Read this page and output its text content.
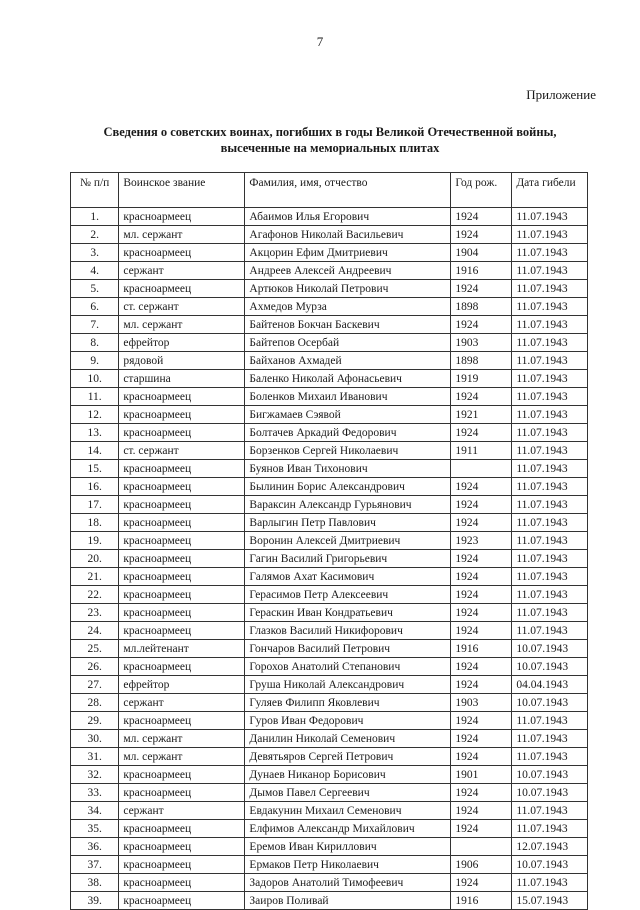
7
Приложение
Сведения о советских воинах, погибших в годы Великой Отечественной войны,
высеченные на мемориальных плитах
№ п/п	Воинское звание	Фамилия, имя, отчество	Год рож.	Дата гибели
1.	красноармеец	Абаимов Илья Егорович	1924	11.07.1943
2.	мл. сержант	Агафонов Николай Васильевич	1924	11.07.1943
3.	красноармеец	Акцорин Ефим Дмитриевич	1904	11.07.1943
4.	сержант	Андреев Алексей Андреевич	1916	11.07.1943
5.	красноармеец	Артюков Николай Петрович	1924	11.07.1943
6.	ст. сержант	Ахмедов Мурза	1898	11.07.1943
7.	мл. сержант	Байтенов Бокчан Баскевич	1924	11.07.1943
8.	ефрейтор	Байтепов Осербай	1903	11.07.1943
9.	рядовой	Байханов Ахмадей	1898	11.07.1943
10.	старшина	Баленко Николай Афонасьевич	1919	11.07.1943
11.	красноармеец	Боленков Михаил Иванович	1924	11.07.1943
12.	красноармеец	Бигжамаев Сэявой	1921	11.07.1943
13.	красноармеец	Болтачев Аркадий Федорович	1924	11.07.1943
14.	ст. сержант	Борзенков Сергей Николаевич	1911	11.07.1943
15.	красноармеец	Буянов Иван Тихонович		11.07.1943
16.	красноармеец	Былинин Борис Александрович	1924	11.07.1943
17.	красноармеец	Вараксин Александр Гурьянович	1924	11.07.1943
18.	красноармеец	Варлыгин Петр Павлович	1924	11.07.1943
19.	красноармеец	Воронин Алексей Дмитриевич	1923	11.07.1943
20.	красноармеец	Гагин Василий Григорьевич	1924	11.07.1943
21.	красноармеец	Галямов Ахат Касимович	1924	11.07.1943
22.	красноармеец	Герасимов Петр Алексеевич	1924	11.07.1943
23.	красноармеец	Гераскин Иван Кондратьевич	1924	11.07.1943
24.	красноармеец	Глазков Василий Никифорович	1924	11.07.1943
25.	мл.лейтенант	Гончаров Василий Петрович	1916	10.07.1943
26.	красноармеец	Горохов Анатолий Степанович	1924	10.07.1943
27.	ефрейтор	Груша Николай Александрович	1924	04.04.1943
28.	сержант	Гуляев Филипп Яковлевич	1903	10.07.1943
29.	красноармеец	Гуров Иван Федорович	1924	11.07.1943
30.	мл. сержант	Данилин Николай Семенович	1924	11.07.1943
31.	мл. сержант	Девятьяров Сергей Петрович	1924	11.07.1943
32.	красноармеец	Дунаев Никанор Борисович	1901	10.07.1943
33.	красноармеец	Дымов Павел Сергеевич	1924	10.07.1943
34.	сержант	Евдакунин Михаил Семенович	1924	11.07.1943
35.	красноармеец	Елфимов Александр Михайлович	1924	11.07.1943
36.	красноармеец	Еремов Иван Кириллович		12.07.1943
37.	красноармеец	Ермаков Петр Николаевич	1906	10.07.1943
38.	красноармеец	Задоров Анатолий Тимофеевич	1924	11.07.1943
39.	красноармеец	Заиров Поливай	1916	15.07.1943
